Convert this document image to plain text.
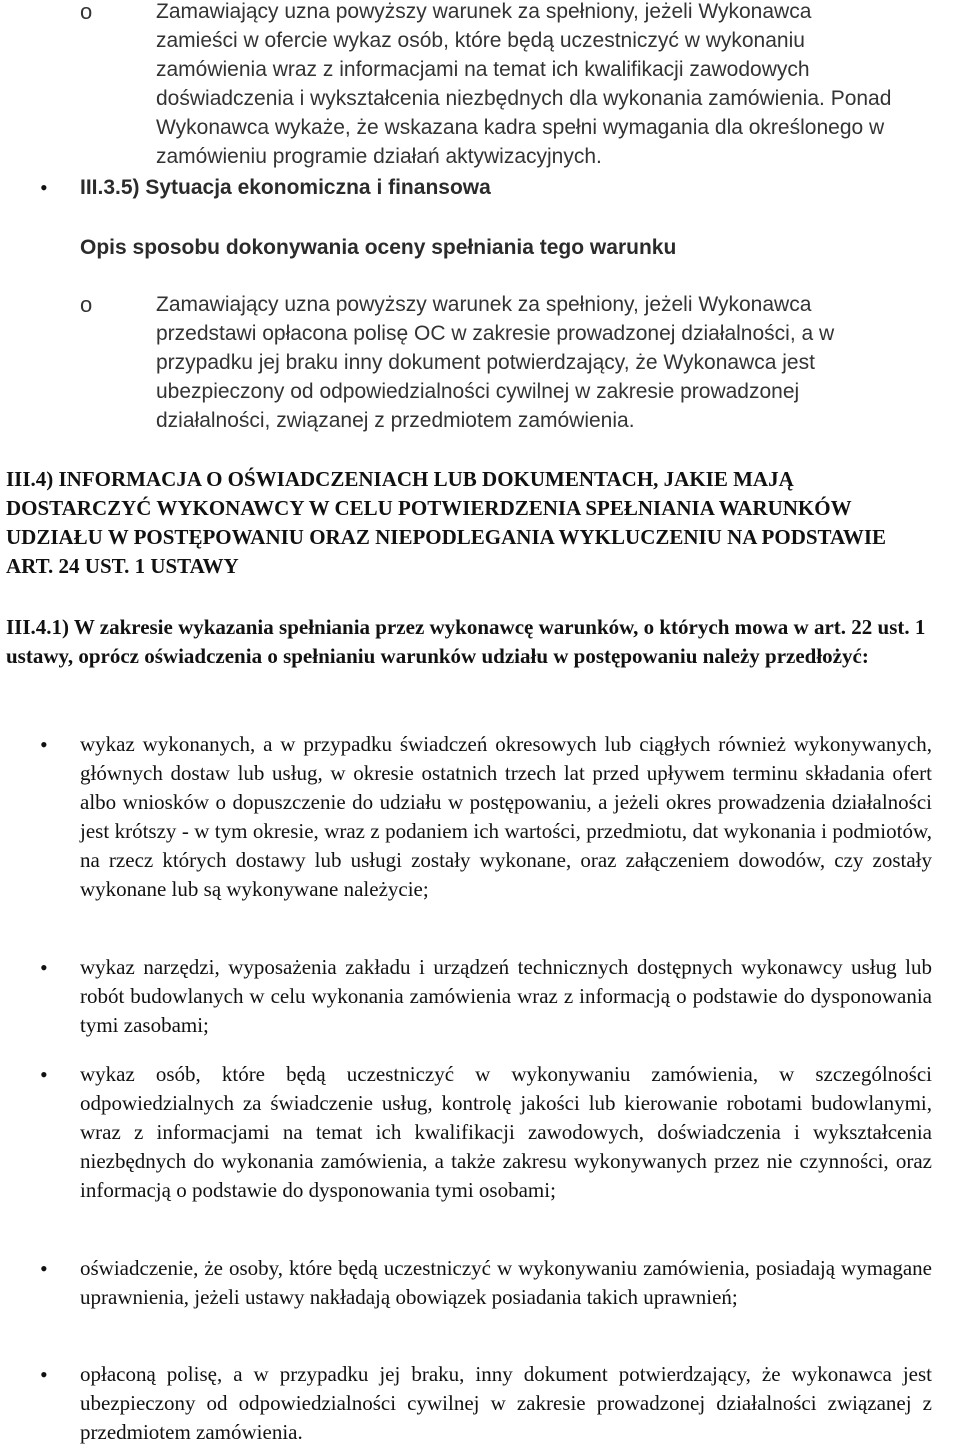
o	Zamawiający uzna powyższy warunek za spełniony, jeżeli Wykonawca zamieści w ofercie wykaz osób, które będą uczestniczyć w wykonaniu zamówienia wraz z informacjami na temat ich kwalifikacji zawodowych doświadczenia i wykształcenia niezbędnych dla wykonania zamówienia. Ponad Wykonawca wykaże, że wskazana kadra spełni wymagania dla określonego w zamówieniu programie działań aktywizacyjnych.
• III.3.5) Sytuacja ekonomiczna i finansowa
Opis sposobu dokonywania oceny spełniania tego warunku
o	Zamawiający uzna powyższy warunek za spełniony, jeżeli Wykonawca przedstawi opłacona polisę OC w zakresie prowadzonej działalności, a w przypadku jej braku inny dokument potwierdzający, że Wykonawca jest ubezpieczony od odpowiedzialności cywilnej w zakresie prowadzonej działalności, związanej z przedmiotem zamówienia.
III.4) INFORMACJA O OŚWIADCZENIACH LUB DOKUMENTACH, JAKIE MAJĄ DOSTARCZYĆ WYKONAWCY W CELU POTWIERDZENIA SPEŁNIANIA WARUNKÓW UDZIAŁU W POSTĘPOWANIU ORAZ NIEPODLEGANIA WYKLUCZENIU NA PODSTAWIE ART. 24 UST. 1 USTAWY
III.4.1) W zakresie wykazania spełniania przez wykonawcę warunków, o których mowa w art. 22 ust. 1 ustawy, oprócz oświadczenia o spełnianiu warunków udziału w postępowaniu należy przedłożyć:
• wykaz wykonanych, a w przypadku świadczeń okresowych lub ciągłych również wykonywanych, głównych dostaw lub usług, w okresie ostatnich trzech lat przed upływem terminu składania ofert albo wniosków o dopuszczenie do udziału w postępowaniu, a jeżeli okres prowadzenia działalności jest krótszy - w tym okresie, wraz z podaniem ich wartości, przedmiotu, dat wykonania i podmiotów, na rzecz których dostawy lub usługi zostały wykonane, oraz załączeniem dowodów, czy zostały wykonane lub są wykonywane należycie;
• wykaz narzędzi, wyposażenia zakładu i urządzeń technicznych dostępnych wykonawcy usług lub robót budowlanych w celu wykonania zamówienia wraz z informacją o podstawie do dysponowania tymi zasobami;
• wykaz osób, które będą uczestniczyć w wykonywaniu zamówienia, w szczególności odpowiedzialnych za świadczenie usług, kontrolę jakości lub kierowanie robotami budowlanymi, wraz z informacjami na temat ich kwalifikacji zawodowych, doświadczenia i wykształcenia niezbędnych do wykonania zamówienia, a także zakresu wykonywanych przez nie czynności, oraz informacją o podstawie do dysponowania tymi osobami;
• oświadczenie, że osoby, które będą uczestniczyć w wykonywaniu zamówienia, posiadają wymagane uprawnienia, jeżeli ustawy nakładają obowiązek posiadania takich uprawnień;
• opłaconą polisę, a w przypadku jej braku, inny dokument potwierdzający, że wykonawca jest ubezpieczony od odpowiedzialności cywilnej w zakresie prowadzonej działalności związanej z przedmiotem zamówienia.
